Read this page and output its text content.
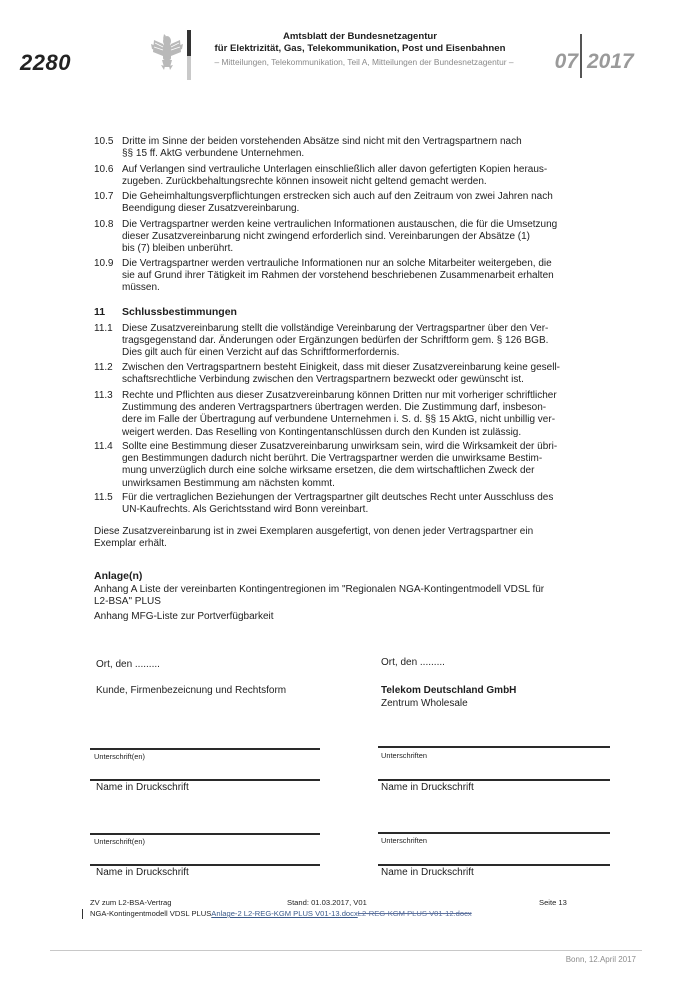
2280
Amtsblatt der Bundesnetzagentur
für Elektrizität, Gas, Telekommunikation, Post und Eisenbahnen
– Mitteilungen, Telekommunikation, Teil A, Mitteilungen der Bundesnetzagentur –	07 2017
10.5 Dritte im Sinne der beiden vorstehenden Absätze sind nicht mit den Vertragspartnern nach
§§ 15 ff. AktG verbundene Unternehmen.
10.6 Auf Verlangen sind vertrauliche Unterlagen einschließlich aller davon gefertigten Kopien heraus-
zugeben. Zurückbehaltungsrechte können insoweit nicht geltend gemacht werden.
10.7 Die Geheimhaltungsverpflichtungen erstrecken sich auch auf den Zeitraum von zwei Jahren nach
Beendigung dieser Zusatzvereinbarung.
10.8 Die Vertragspartner werden keine vertraulichen Informationen austauschen, die für die Umsetzung
dieser Zusatzvereinbarung nicht zwingend erforderlich sind. Vereinbarungen der Absätze (1)
bis (7) bleiben unberührt.
10.9 Die Vertragspartner werden vertrauliche Informationen nur an solche Mitarbeiter weitergeben, die
sie auf Grund ihrer Tätigkeit im Rahmen der vorstehend beschriebenen Zusammenarbeit erhalten
müssen.
11 Schlussbestimmungen
11.1 Diese Zusatzvereinbarung stellt die vollständige Vereinbarung der Vertragspartner über den Ver-
tragsgegenstand dar. Änderungen oder Ergänzungen bedürfen der Schriftform gem. § 126 BGB.
Dies gilt auch für einen Verzicht auf das Schriftformerfordernis.
11.2 Zwischen den Vertragspartnern besteht Einigkeit, dass mit dieser Zusatzvereinbarung keine gesell-
schaftsrechtliche Verbindung zwischen den Vertragspartnern bezweckt oder gewünscht ist.
11.3 Rechte und Pflichten aus dieser Zusatzvereinbarung können Dritten nur mit vorheriger schriftlicher
Zustimmung des anderen Vertragspartners übertragen werden. Die Zustimmung darf, insbeson-
dere im Falle der Übertragung auf verbundene Unternehmen i. S. d. §§ 15 AktG, nicht unbillig ver-
weigert werden. Das Reselling von Kontingentanschlüssen durch den Kunden ist zulässig.
11.4 Sollte eine Bestimmung dieser Zusatzvereinbarung unwirksam sein, wird die Wirksamkeit der übri-
gen Bestimmungen dadurch nicht berührt. Die Vertragspartner werden die unwirksame Bestim-
mung unverzüglich durch eine solche wirksame ersetzen, die dem wirtschaftlichen Zweck der
unwirksamen Bestimmung am nächsten kommt.
11.5 Für die vertraglichen Beziehungen der Vertragspartner gilt deutsches Recht unter Ausschluss des
UN-Kaufrechts. Als Gerichtsstand wird Bonn vereinbart.
Diese Zusatzvereinbarung ist in zwei Exemplaren ausgefertigt, von denen jeder Vertragspartner ein
Exemplar erhält.
Anlage(n)
Anhang A Liste der vereinbarten Kontingentregionen im "Regionalen NGA-Kontingentmodell VDSL für
L2-BSA" PLUS
Anhang MFG-Liste zur Portverfügbarkeit
Ort, den .........	Ort, den .........
Kunde, Firmenbezeicnung und Rechtsform	Telekom Deutschland GmbH
Zentrum Wholesale
Unterschrift(en)	Unterschriften
Name in Druckschrift	Name in Druckschrift
Unterschrift(en)	Unterschriften
Name in Druckschrift	Name in Druckschrift
ZV zum L2-BSA-Vertrag	Stand: 01.03.2017, V01	Seite 13
NGA-Kontingentmodell VDSL PLUSAnlage-2 L2-REG-KGM PLUS V01-13.docxL2-REG-KGM PLUS V01-12.docx
Bonn, 12.April 2017
